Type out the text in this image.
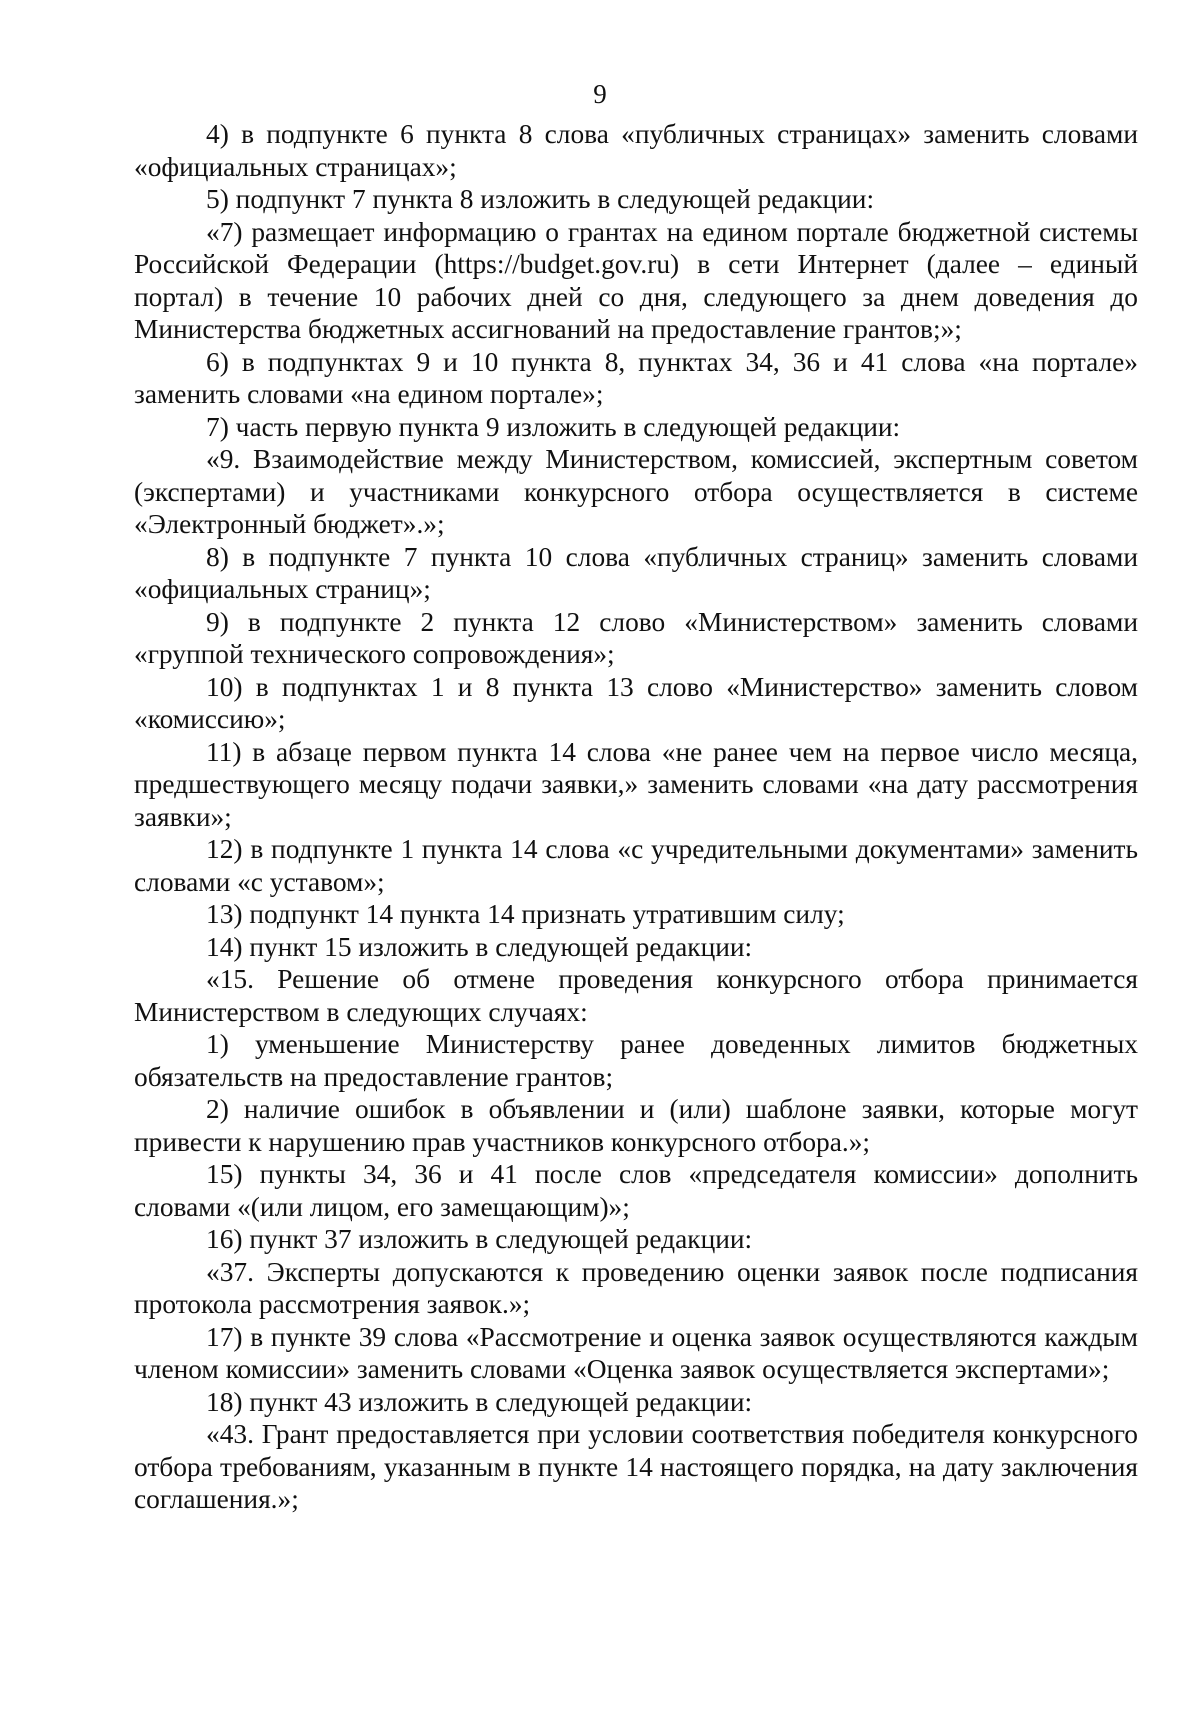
9

4) в подпункте 6 пункта 8 слова «публичных страницах» заменить словами «официальных страницах»;

5) подпункт 7 пункта 8 изложить в следующей редакции:

«7) размещает информацию о грантах на едином портале бюджетной системы Российской Федерации (https://budget.gov.ru) в сети Интернет (далее – единый портал) в течение 10 рабочих дней со дня, следующего за днем доведения до Министерства бюджетных ассигнований на предоставление грантов;»;

6) в подпунктах 9 и 10 пункта 8, пунктах 34, 36 и 41 слова «на портале» заменить словами «на едином портале»;

7) часть первую пункта 9 изложить в следующей редакции:

«9. Взаимодействие между Министерством, комиссией, экспертным советом (экспертами) и участниками конкурсного отбора осуществляется в системе «Электронный бюджет».»;

8) в подпункте 7 пункта 10 слова «публичных страниц» заменить словами «официальных страниц»;

9) в подпункте 2 пункта 12 слово «Министерством» заменить словами «группой технического сопровождения»;

10) в подпунктах 1 и 8 пункта 13 слово «Министерство» заменить словом «комиссию»;

11) в абзаце первом пункта 14 слова «не ранее чем на первое число месяца, предшествующего месяцу подачи заявки,» заменить словами «на дату рассмотрения заявки»;

12) в подпункте 1 пункта 14 слова «с учредительными документами» заменить словами «с уставом»;

13) подпункт 14 пункта 14 признать утратившим силу;

14) пункт 15 изложить в следующей редакции:

«15. Решение об отмене проведения конкурсного отбора принимается Министерством в следующих случаях:

1) уменьшение Министерству ранее доведенных лимитов бюджетных обязательств на предоставление грантов;

2) наличие ошибок в объявлении и (или) шаблоне заявки, которые могут привести к нарушению прав участников конкурсного отбора.»;

15) пункты 34, 36 и 41 после слов «председателя комиссии» дополнить словами «(или лицом, его замещающим)»;

16) пункт 37 изложить в следующей редакции:

«37. Эксперты допускаются к проведению оценки заявок после подписания протокола рассмотрения заявок.»;

17) в пункте 39 слова «Рассмотрение и оценка заявок осуществляются каждым членом комиссии» заменить словами «Оценка заявок осуществляется экспертами»;

18) пункт 43 изложить в следующей редакции:

«43. Грант предоставляется при условии соответствия победителя конкурсного отбора требованиям, указанным в пункте 14 настоящего порядка, на дату заключения соглашения.»;
